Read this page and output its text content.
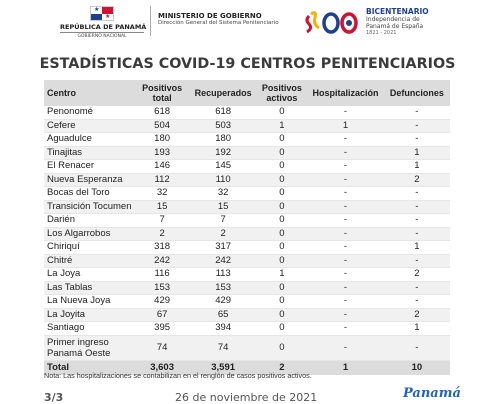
★
★
REPÚBLICA DE PANAMÁ
GOBIERNO NACIONAL
MINISTERIO DE GOBIERNO
Dirección General del Sistema Penitenciario
BICENTENARIO
Independencia de
Panamá de España
1821 - 2021
ESTADÍSTICAS COVID-19 CENTROS PENITENCIARIOS
Centro	Positivos total	Recuperados	Positivos activos	Hospitalización	Defunciones
Penonomé	618	618	0	-	-
Cefere	504	503	1	1	-
Aguadulce	180	180	0	-	-
Tinajitas	193	192	0	-	1
El Renacer	146	145	0	-	1
Nueva Esperanza	112	110	0	-	2
Bocas del Toro	32	32	0	-	-
Transición Tocumen	15	15	0	-	-
Darién	7	7	0	-	-
Los Algarrobos	2	2	0	-	-
Chiriquí	318	317	0	-	1
Chitré	242	242	0	-	-
La Joya	116	113	1	-	2
Las Tablas	153	153	0	-	-
La Nueva Joya	429	429	0	-	-
La Joyita	67	65	0	-	2
Santiago	395	394	0	-	1
Primer ingreso Panamá Oeste	74	74	0	-	-
Total	3,603	3,591	2	1	10
Nota: Las hospitalizaciones se contabilizan en el renglón de casos positivos activos.
3/3	26 de noviembre de 2021	Panamá
